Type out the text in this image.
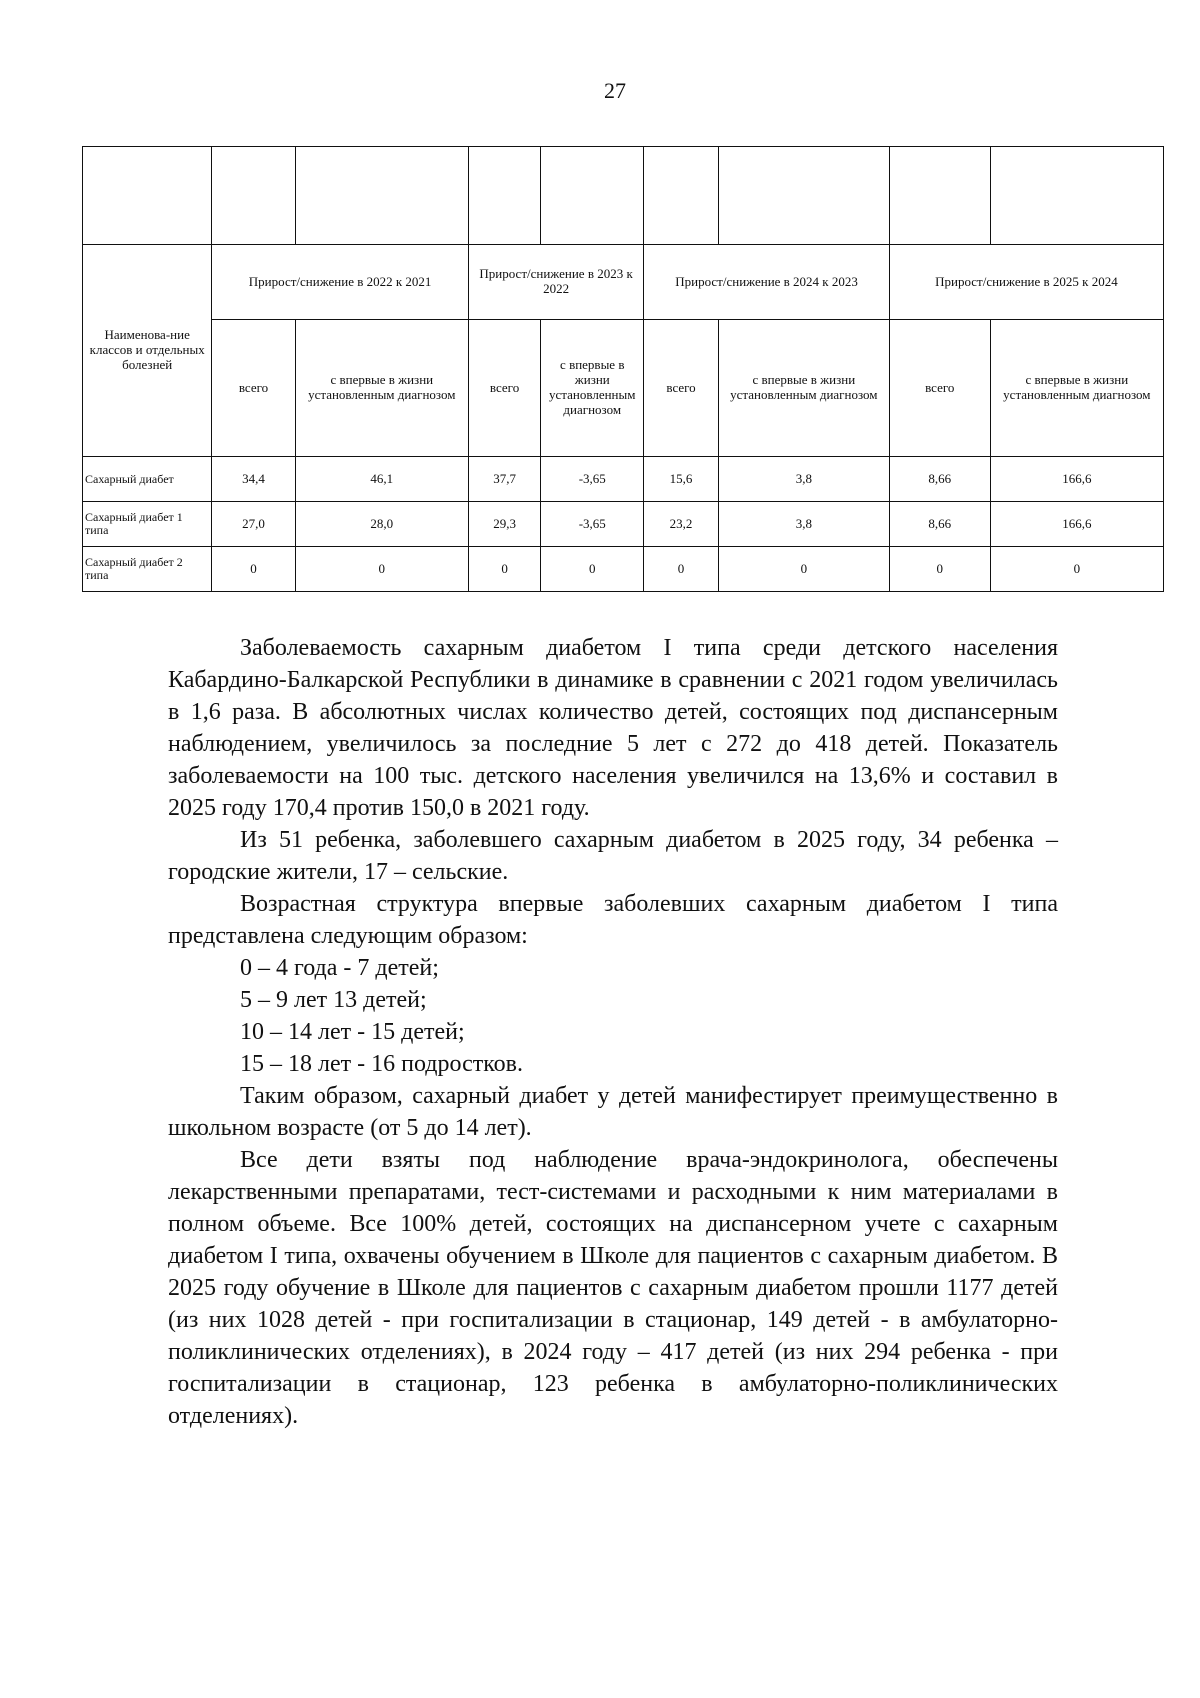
27

Наименова-ние классов и отдельных болезней	Прирост/снижение в 2022 к 2021		Прирост/снижение в 2023 к 2022		Прирост/снижение в 2024 к 2023		Прирост/снижение в 2025 к 2024	
	всего	с впервые в жизни установленным диагнозом	всего	с впервые в жизни установленным диагнозом	всего	с впервые в жизни установленным диагнозом	всего	с впервые в жизни установленным диагнозом
Сахарный диабет	34,4	46,1	37,7	-3,65	15,6	3,8	8,66	166,6
Сахарный диабет 1 типа	27,0	28,0	29,3	-3,65	23,2	3,8	8,66	166,6
Сахарный диабет 2 типа	0	0	0	0	0	0	0	0

Заболеваемость сахарным диабетом I типа среди детского населения Кабардино-Балкарской Республики в динамике в сравнении с 2021 годом увеличилась в 1,6 раза. В абсолютных числах количество детей, состоящих под диспансерным наблюдением, увеличилось за последние 5 лет с 272 до 418 детей. Показатель заболеваемости на 100 тыс. детского населения увеличился на 13,6% и составил в 2025 году 170,4 против 150,0 в 2021 году.

Из 51 ребенка, заболевшего сахарным диабетом в 2025 году, 34 ребенка – городские жители, 17 – сельские.

Возрастная структура впервые заболевших сахарным диабетом I типа представлена следующим образом:

0 – 4 года - 7 детей;

5 – 9 лет 13 детей;

10 – 14 лет - 15 детей;

15 – 18 лет - 16 подростков.

Таким образом, сахарный диабет у детей манифестирует преимущественно в школьном возрасте (от 5 до 14 лет).

Все дети взяты под наблюдение врача-эндокринолога, обеспечены лекарственными препаратами, тест-системами и расходными к ним материалами в полном объеме. Все 100% детей, состоящих на диспансерном учете с сахарным диабетом I типа, охвачены обучением в Школе для пациентов с сахарным диабетом. В 2025 году обучение в Школе для пациентов с сахарным диабетом прошли 1177 детей (из них 1028 детей - при госпитализации в стационар, 149 детей - в амбулаторно-поликлинических отделениях), в 2024 году – 417 детей (из них 294 ребенка - при госпитализации в стационар, 123 ребенка в амбулаторно-поликлинических отделениях).
